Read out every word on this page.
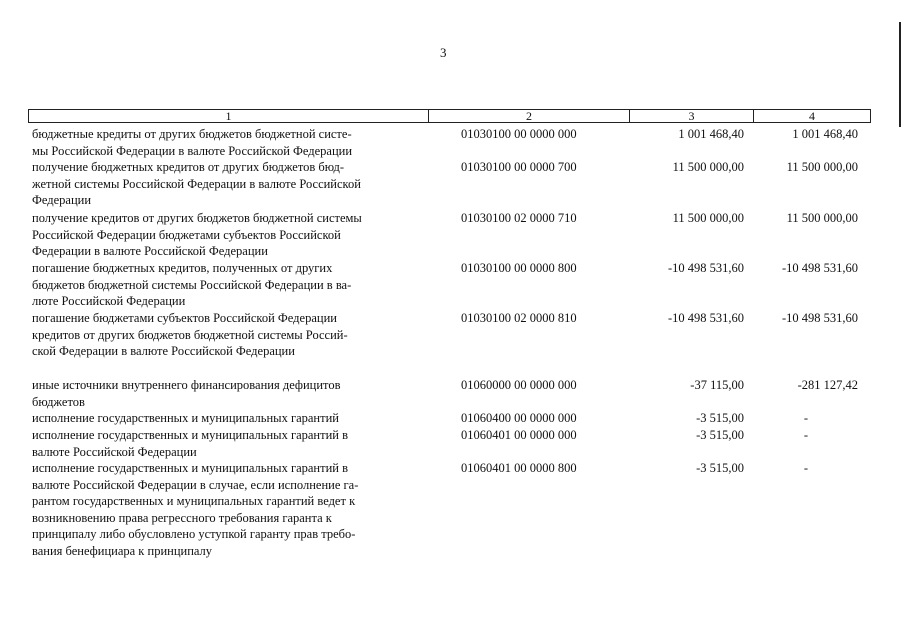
3
1	2	3	4
бюджетные кредиты от других бюджетов бюджетной систе-
мы Российской Федерации в валюте Российской Федерации
01030100 00 0000 000	1 001 468,40	1 001 468,40
получение бюджетных кредитов от других бюджетов бюд-
жетной системы Российской Федерации в валюте Российской
Федерации
01030100 00 0000 700	11 500 000,00	11 500 000,00
получение кредитов от других бюджетов бюджетной системы
Российской Федерации бюджетами субъектов Российской
Федерации в валюте Российской Федерации
01030100 02 0000 710	11 500 000,00	11 500 000,00
погашение бюджетных кредитов, полученных от других
бюджетов бюджетной системы Российской Федерации в ва-
люте Российской Федерации
01030100 00 0000 800	-10 498 531,60	-10 498 531,60
погашение бюджетами субъектов Российской Федерации
кредитов от других бюджетов бюджетной системы Россий-
ской Федерации в валюте Российской Федерации
01030100 02 0000 810	-10 498 531,60	-10 498 531,60
иные источники внутреннего финансирования дефицитов
бюджетов
01060000 00 0000 000	-37 115,00	-281 127,42
исполнение государственных и муниципальных гарантий	01060400 00 0000 000	-3 515,00	-
исполнение государственных и муниципальных гарантий в
валюте Российской Федерации
01060401 00 0000 000	-3 515,00	-
исполнение государственных и муниципальных гарантий в
валюте Российской Федерации в случае, если исполнение га-
рантом государственных и муниципальных гарантий ведет к
возникновению права регрессного требования гаранта к
принципалу либо обусловлено уступкой гаранту прав требо-
вания бенефициара к принципалу
01060401 00 0000 800	-3 515,00	-
